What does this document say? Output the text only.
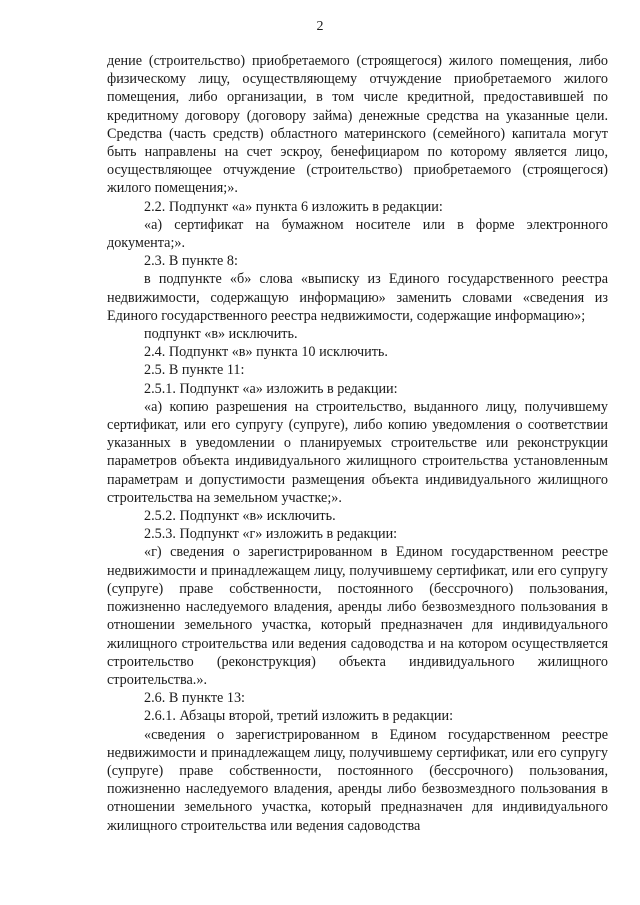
2

дение (строительство) приобретаемого (строящегося) жилого помещения, либо физическому лицу, осуществляющему отчуждение приобретаемого жилого помещения, либо организации, в том числе кредитной, предоставившей по кредитному договору (договору займа) денежные средства на указанные цели. Средства (часть средств) областного материнского (семейного) капитала могут быть направлены на счет эскроу, бенефициаром по которому является лицо, осуществляющее отчуждение (строительство) приобретаемого (строящегося) жилого помещения;».

2.2. Подпункт «а» пункта 6 изложить в редакции:

«а) сертификат на бумажном носителе или в форме электронного документа;».

2.3. В пункте 8:

в подпункте «б» слова «выписку из Единого государственного реестра недвижимости, содержащую информацию» заменить словами «сведения из Единого государственного реестра недвижимости, содержащие информацию»;

подпункт «в» исключить.

2.4. Подпункт «в» пункта 10 исключить.

2.5. В пункте 11:

2.5.1. Подпункт «а» изложить в редакции:

«а) копию разрешения на строительство, выданного лицу, получившему сертификат, или его супругу (супруге), либо копию уведомления о соответствии указанных в уведомлении о планируемых строительстве или реконструкции параметров объекта индивидуального жилищного строительства установленным параметрам и допустимости размещения объекта индивидуального жилищного строительства на земельном участке;».

2.5.2. Подпункт «в» исключить.

2.5.3. Подпункт «г» изложить в редакции:

«г) сведения о зарегистрированном в Едином государственном реестре недвижимости и принадлежащем лицу, получившему сертификат, или его супругу (супруге) праве собственности, постоянного (бессрочного) пользования, пожизненно наследуемого владения, аренды либо безвозмездного пользования в отношении земельного участка, который предназначен для индивидуального жилищного строительства или ведения садоводства и на котором осуществляется строительство (реконструкция) объекта индивидуального жилищного строительства.».

2.6. В пункте 13:

2.6.1. Абзацы второй, третий изложить в редакции:

«сведения о зарегистрированном в Едином государственном реестре недвижимости и принадлежащем лицу, получившему сертификат, или его супругу (супруге) праве собственности, постоянного (бессрочного) пользования, пожизненно наследуемого владения, аренды либо безвозмездного пользования в отношении земельного участка, который предназначен для индивидуального жилищного строительства или ведения садоводства
